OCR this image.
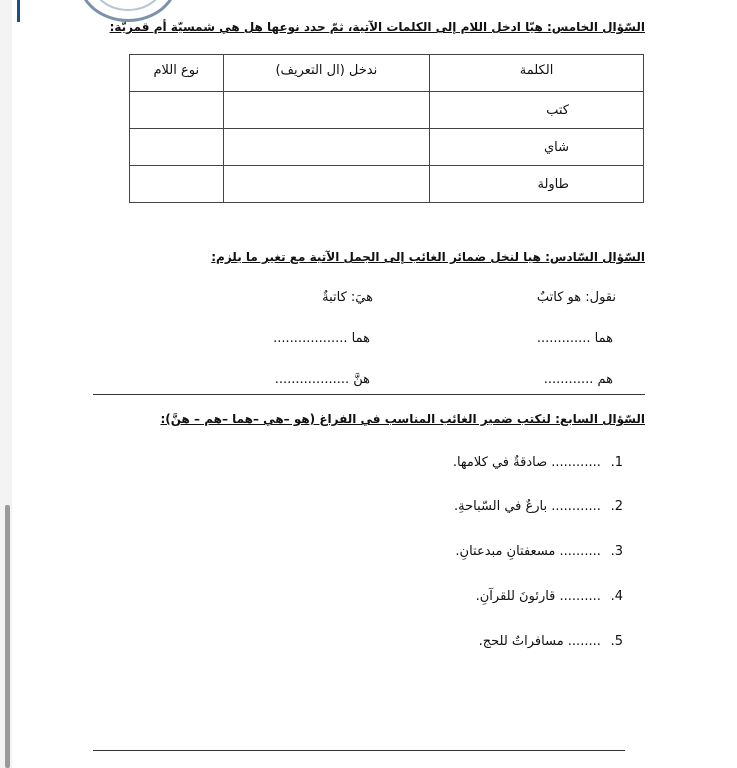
السّؤال الخامس: هيّا ادخل اللام إلى الكلمات الآتية، ثمّ حدد نوعها هل هي شمسيّة أم قمريّة:
الكلمة	ندخل (ال التعريف)	نوع اللام
كتب		
شاي		
طاولة		
السّؤال السّادس: هيا لنخل ضمائر الغائب إلى الجمل الآتية مع تغير ما يلزم:
نقول: هو كاتبٌ
هيَ: كاتبةٌ
هما .............
هما ..................
هم ............
هنَّ ..................
السّؤال السابع: لنكتب ضمير الغائب المناسب في الفراغ (هو –هي –هما –هم – هنَّ):
1. ............ صادقةٌ في كلامها.
2. ............ بارعٌ في السّباحةِ.
3. .......... مسعفتانِ مبدعتانِ.
4. .......... قارئونَ للقرآنِ.
5. ........ مسافراتٌ للحج.
